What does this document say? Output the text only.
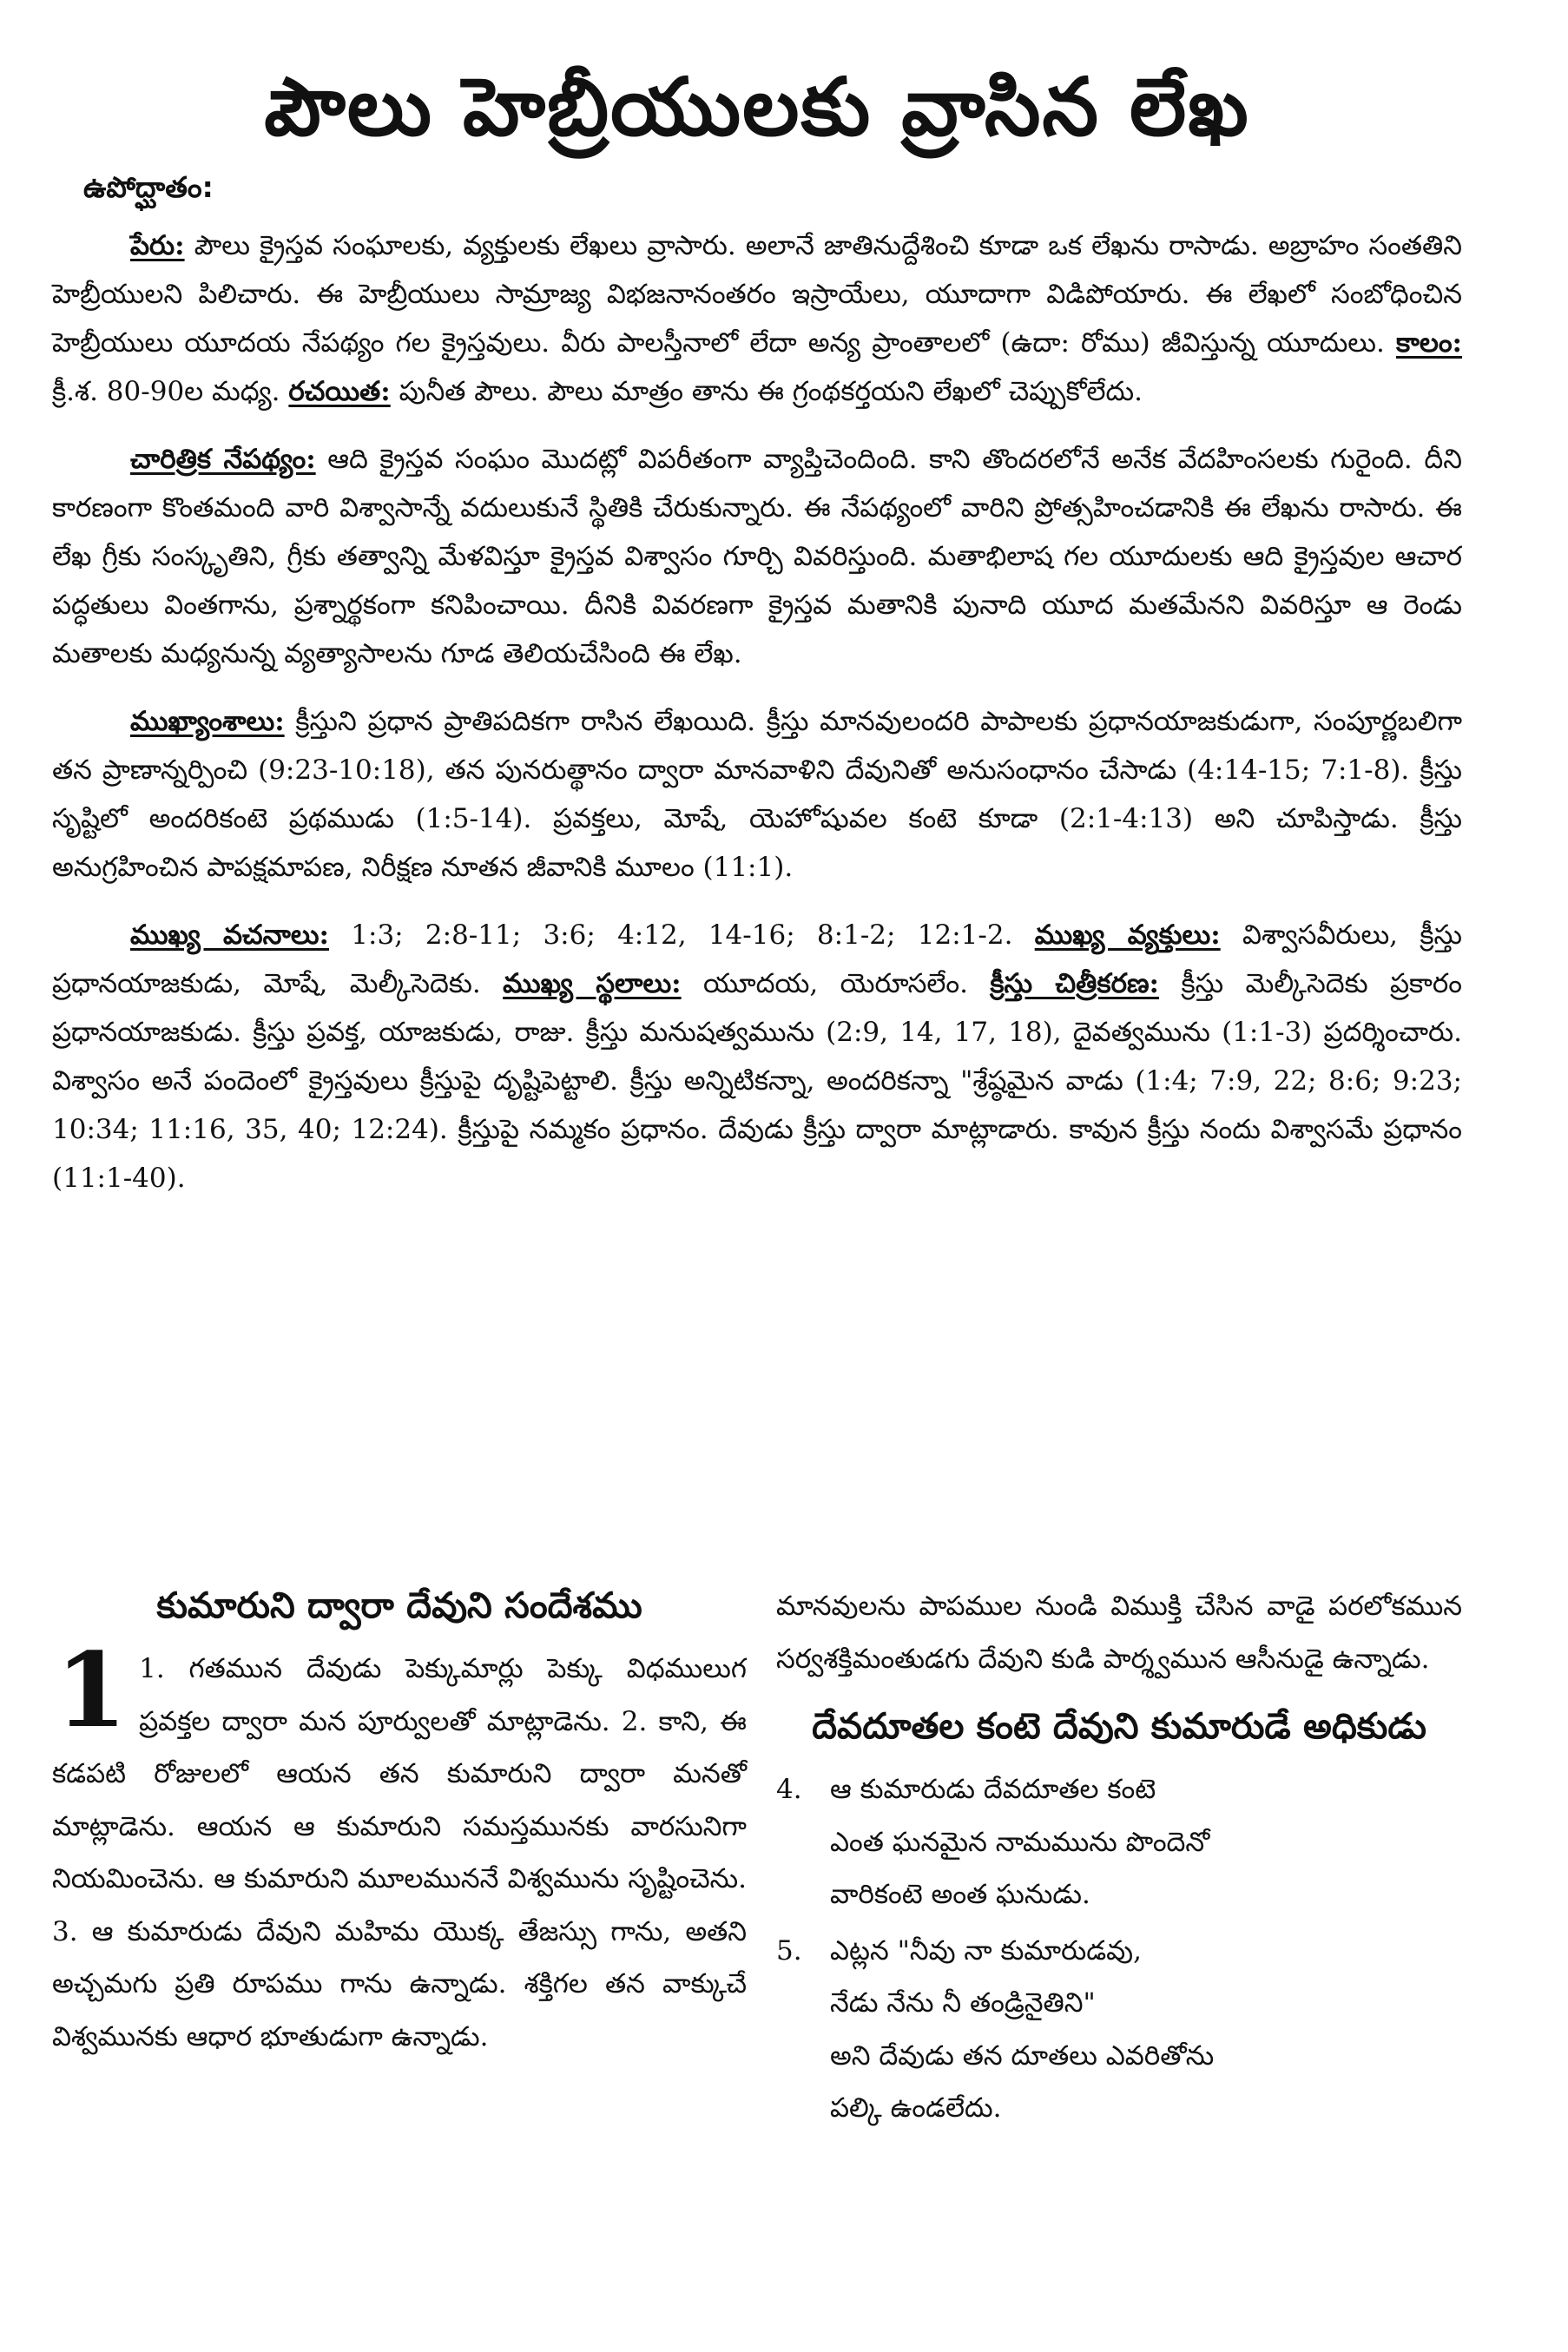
పౌలు హెబ్రీయులకు వ్రాసిన లేఖ
ఉపోద్ఘాతం:

పేరు: పౌలు క్రైస్తవ సంఘాలకు, వ్యక్తులకు లేఖలు వ్రాసారు. అలానే జాతినుద్దేశించి కూడా ఒక లేఖను రాసాడు. అబ్రాహం సంతతిని హెబ్రీయులని పిలిచారు. ఈ హెబ్రీయులు సామ్రాజ్య విభజనానంతరం ఇస్రాయేలు, యూదాగా విడిపోయారు. ఈ లేఖలో సంబోధించిన హెబ్రీయులు యూదయ నేపథ్యం గల క్రైస్తవులు. వీరు పాలస్తీనాలో లేదా అన్య ప్రాంతాలలో (ఉదా: రోము) జీవిస్తున్న యూదులు. కాలం: క్రీ.శ. 80-90ల మధ్య. రచయిత: పునీత పౌలు. పౌలు మాత్రం తాను ఈ గ్రంథకర్తయని లేఖలో చెప్పుకోలేదు.

చారిత్రిక నేపథ్యం: ఆది క్రైస్తవ సంఘం మొదట్లో విపరీతంగా వ్యాప్తిచెందింది. కాని తొందరలోనే అనేక వేదహింసలకు గురైంది. దీని కారణంగా కొంతమంది వారి విశ్వాసాన్నే వదులుకునే స్థితికి చేరుకున్నారు. ఈ నేపథ్యంలో వారిని ప్రోత్సహించడానికి ఈ లేఖను రాసారు. ఈ లేఖ గ్రీకు సంస్కృతిని, గ్రీకు తత్వాన్ని మేళవిస్తూ క్రైస్తవ విశ్వాసం గూర్చి వివరిస్తుంది. మతాభిలాష గల యూదులకు ఆది క్రైస్తవుల ఆచార పద్ధతులు వింతగాను, ప్రశ్నార్థకంగా కనిపించాయి. దీనికి వివరణగా క్రైస్తవ మతానికి పునాది యూద మతమేనని వివరిస్తూ ఆ రెండు మతాలకు మధ్యనున్న వ్యత్యాసాలను గూడ తెలియచేసింది ఈ లేఖ.

ముఖ్యాంశాలు: క్రీస్తుని ప్రధాన ప్రాతిపదికగా రాసిన లేఖయిది. క్రీస్తు మానవులందరి పాపాలకు ప్రధానయాజకుడుగా, సంపూర్ణబలిగా తన ప్రాణాన్నర్పించి (9:23-10:18), తన పునరుత్థానం ద్వారా మానవాళిని దేవునితో అనుసంధానం చేసాడు (4:14-15; 7:1-8). క్రీస్తు సృష్టిలో అందరికంటె ప్రథముడు (1:5-14). ప్రవక్తలు, మోషే, యెహోషువల కంటె కూడా (2:1-4:13) అని చూపిస్తాడు. క్రీస్తు అనుగ్రహించిన పాపక్షమాపణ, నిరీక్షణ నూతన జీవానికి మూలం (11:1).

ముఖ్య వచనాలు: 1:3; 2:8-11; 3:6; 4:12, 14-16; 8:1-2; 12:1-2. ముఖ్య వ్యక్తులు: విశ్వాసవీరులు, క్రీస్తు ప్రధానయాజకుడు, మోషే, మెల్కీసెదెకు. ముఖ్య స్థలాలు: యూదయ, యెరూసలేం. క్రీస్తు చిత్రీకరణ: క్రీస్తు మెల్కీసెదెకు ప్రకారం ప్రధానయాజకుడు. క్రీస్తు ప్రవక్త, యాజకుడు, రాజు. క్రీస్తు మనుషత్వమును (2:9, 14, 17, 18), దైవత్వమును (1:1-3) ప్రదర్శించారు. విశ్వాసం అనే పందెంలో క్రైస్తవులు క్రీస్తుపై దృష్టిపెట్టాలి. క్రీస్తు అన్నిటికన్నా, అందరికన్నా "శ్రేష్ఠమైన వాడు (1:4; 7:9, 22; 8:6; 9:23; 10:34; 11:16, 35, 40; 12:24). క్రీస్తుపై నమ్మకం ప్రధానం. దేవుడు క్రీస్తు ద్వారా మాట్లాడారు. కావున క్రీస్తు నందు విశ్వాసమే ప్రధానం (11:1-40).

కుమారుని ద్వారా దేవుని సందేశము
1 1. గతమున దేవుడు పెక్కుమార్లు పెక్కు విధములుగ ప్రవక్తల ద్వారా మన పూర్వులతో మాట్లాడెను. 2. కాని, ఈ కడపటి రోజులలో ఆయన తన కుమారుని ద్వారా మనతో మాట్లాడెను. ఆయన ఆ కుమారుని సమస్తమునకు వారసునిగా నియమించెను. ఆ కుమారుని మూలముననే విశ్వమును సృష్టించెను. 3. ఆ కుమారుడు దేవుని మహిమ యొక్క తేజస్సు గాను, అతని అచ్చమగు ప్రతి రూపము గాను ఉన్నాడు. శక్తిగల తన వాక్కుచే విశ్వమునకు ఆధార భూతుడుగా ఉన్నాడు.
మానవులను పాపముల నుండి విముక్తి చేసిన వాడై పరలోకమున సర్వశక్తిమంతుడగు దేవుని కుడి పార్శ్వమున ఆసీనుడై ఉన్నాడు.
దేవదూతల కంటె దేవుని కుమారుడే అధికుడు
4.	ఆ కుమారుడు దేవదూతల కంటె
ఎంత ఘనమైన నామమును పొందెనో
వారికంటె అంత ఘనుడు.
5.	ఎట్లన "నీవు నా కుమారుడవు,
నేడు నేను నీ తండ్రినైతిని"
అని దేవుడు తన దూతలు ఎవరితోను
పల్కి ఉండలేదు.
